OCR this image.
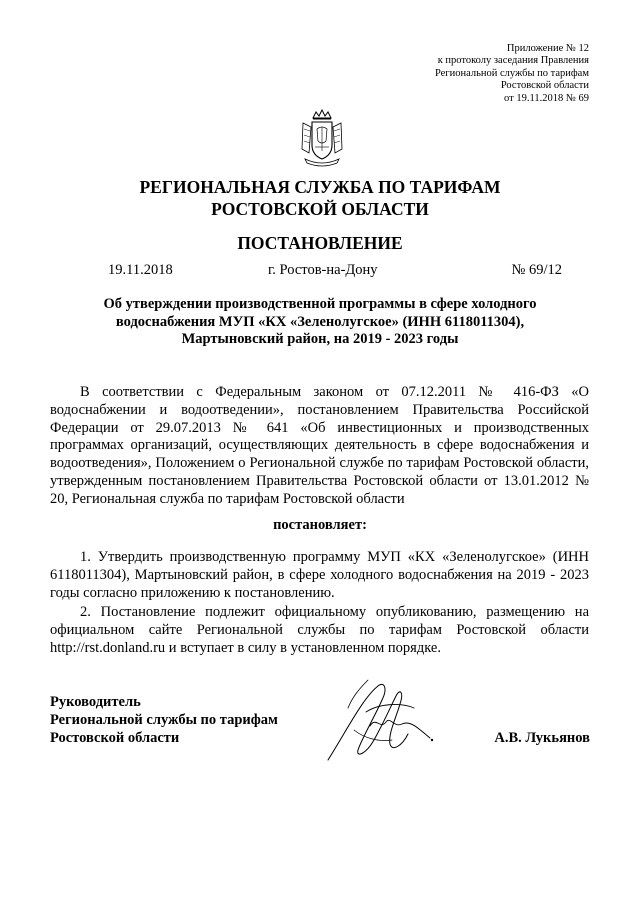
Приложение № 12
к протоколу заседания Правления
Региональной службы по тарифам
Ростовской области
от 19.11.2018 № 69
РЕГИОНАЛЬНАЯ СЛУЖБА ПО ТАРИФАМ
РОСТОВСКОЙ ОБЛАСТИ
ПОСТАНОВЛЕНИЕ
19.11.2018	г. Ростов-на-Дону	№ 69/12
Об утверждении производственной программы в сфере холодного
водоснабжения МУП «КХ «Зеленолугское» (ИНН 6118011304),
Мартыновский район, на 2019 - 2023 годы

В соответствии с Федеральным законом от 07.12.2011 № 416-ФЗ «О водоснабжении и водоотведении», постановлением Правительства Российской Федерации от 29.07.2013 № 641 «Об инвестиционных и производственных программах организаций, осуществляющих деятельность в сфере водоснабжения и водоотведения», Положением о Региональной службе по тарифам Ростовской области, утвержденным постановлением Правительства Ростовской области от 13.01.2012 № 20, Региональная служба по тарифам Ростовской области

постановляет:

1. Утвердить производственную программу МУП «КХ «Зеленолугское» (ИНН 6118011304), Мартыновский район, в сфере холодного водоснабжения на 2019 - 2023 годы согласно приложению к постановлению.

2. Постановление подлежит официальному опубликованию, размещению на официальном сайте Региональной службы по тарифам Ростовской области http://rst.donland.ru и вступает в силу в установленном порядке.

Руководитель
Региональной службы по тарифам
Ростовской области	А.В. Лукьянов
